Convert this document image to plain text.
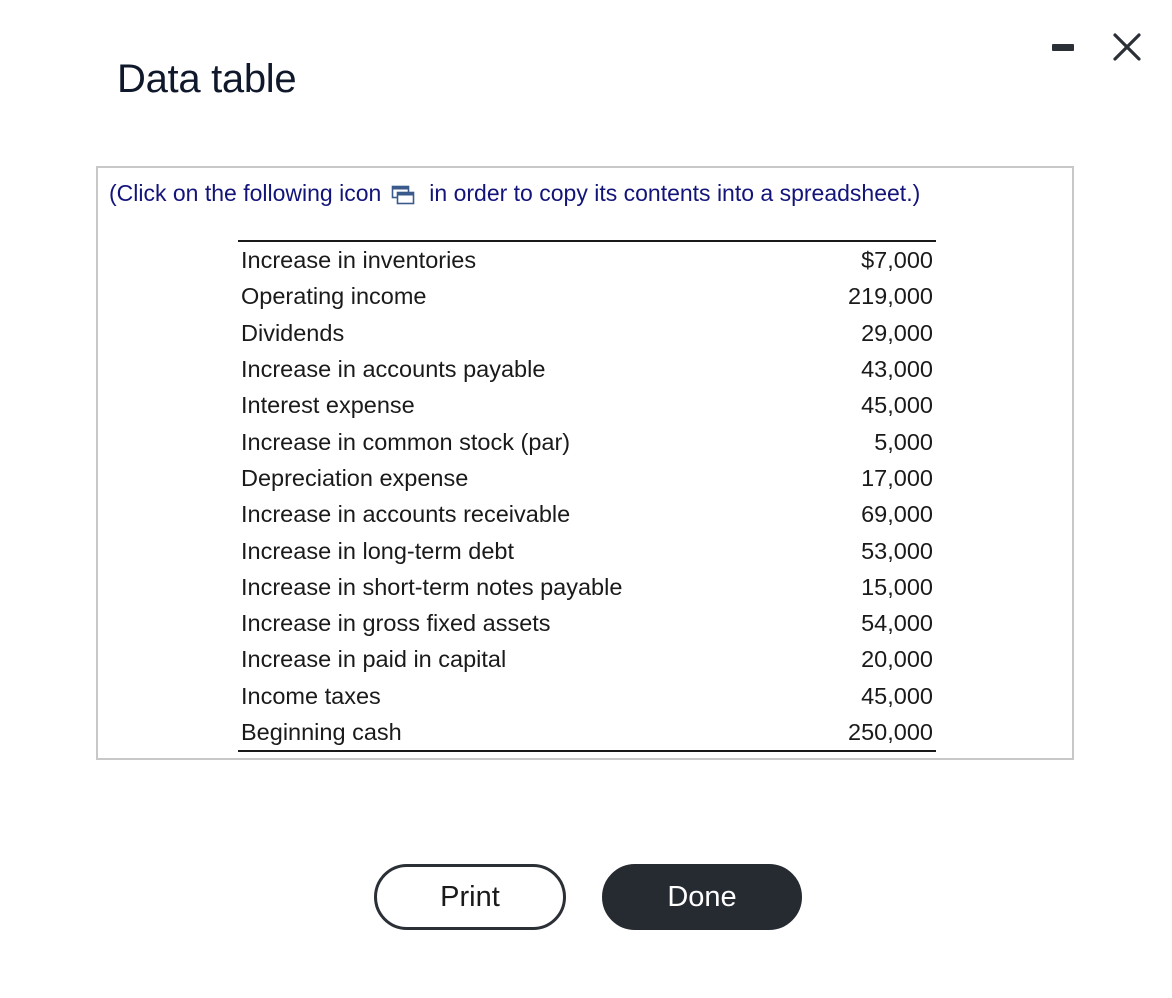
Data table
(Click on the following icon in order to copy its contents into a spreadsheet.)
Increase in inventories	$7,000
Operating income	219,000
Dividends	29,000
Increase in accounts payable	43,000
Interest expense	45,000
Increase in common stock (par)	5,000
Depreciation expense	17,000
Increase in accounts receivable	69,000
Increase in long-term debt	53,000
Increase in short-term notes payable	15,000
Increase in gross fixed assets	54,000
Increase in paid in capital	20,000
Income taxes	45,000
Beginning cash	250,000
Print	Done
